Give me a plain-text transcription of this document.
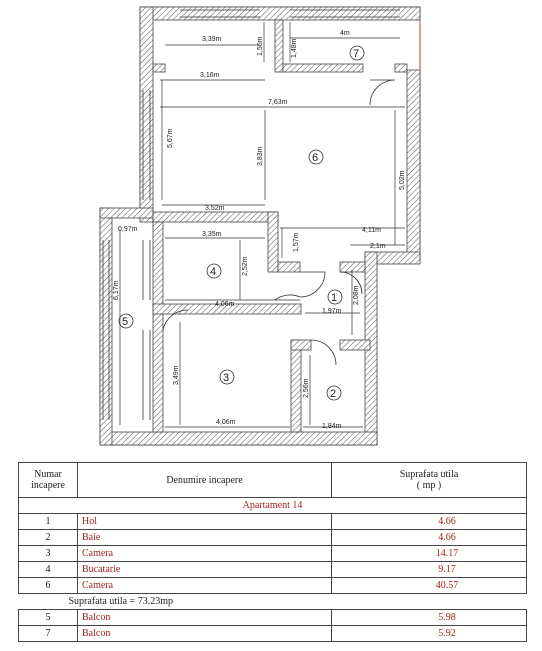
3,39m	1,56m	1,48m
4m
3,16m
7,63m
5,67m
3,83m
5,02m
3,52m
4,11m
2,1m
0,97m
3,35m	1,57m
2,52m
6,17m
4,06m
1,97m
2,08m
3,49m
2,56m
4,06m
1,84m
7
6
4
1
5
3
2
Numar incapere	Denumire incapere	Suprafata utila
( mp )

Apartament 14		
1	Hol	4.66
2	Baie	4.66
3	Camera	14.17
4	Bucatarie	9.17
6	Camera	40.57
Suprafata utila = 73.23mp		
5	Balcon	5.98
7	Balcon	5.92
